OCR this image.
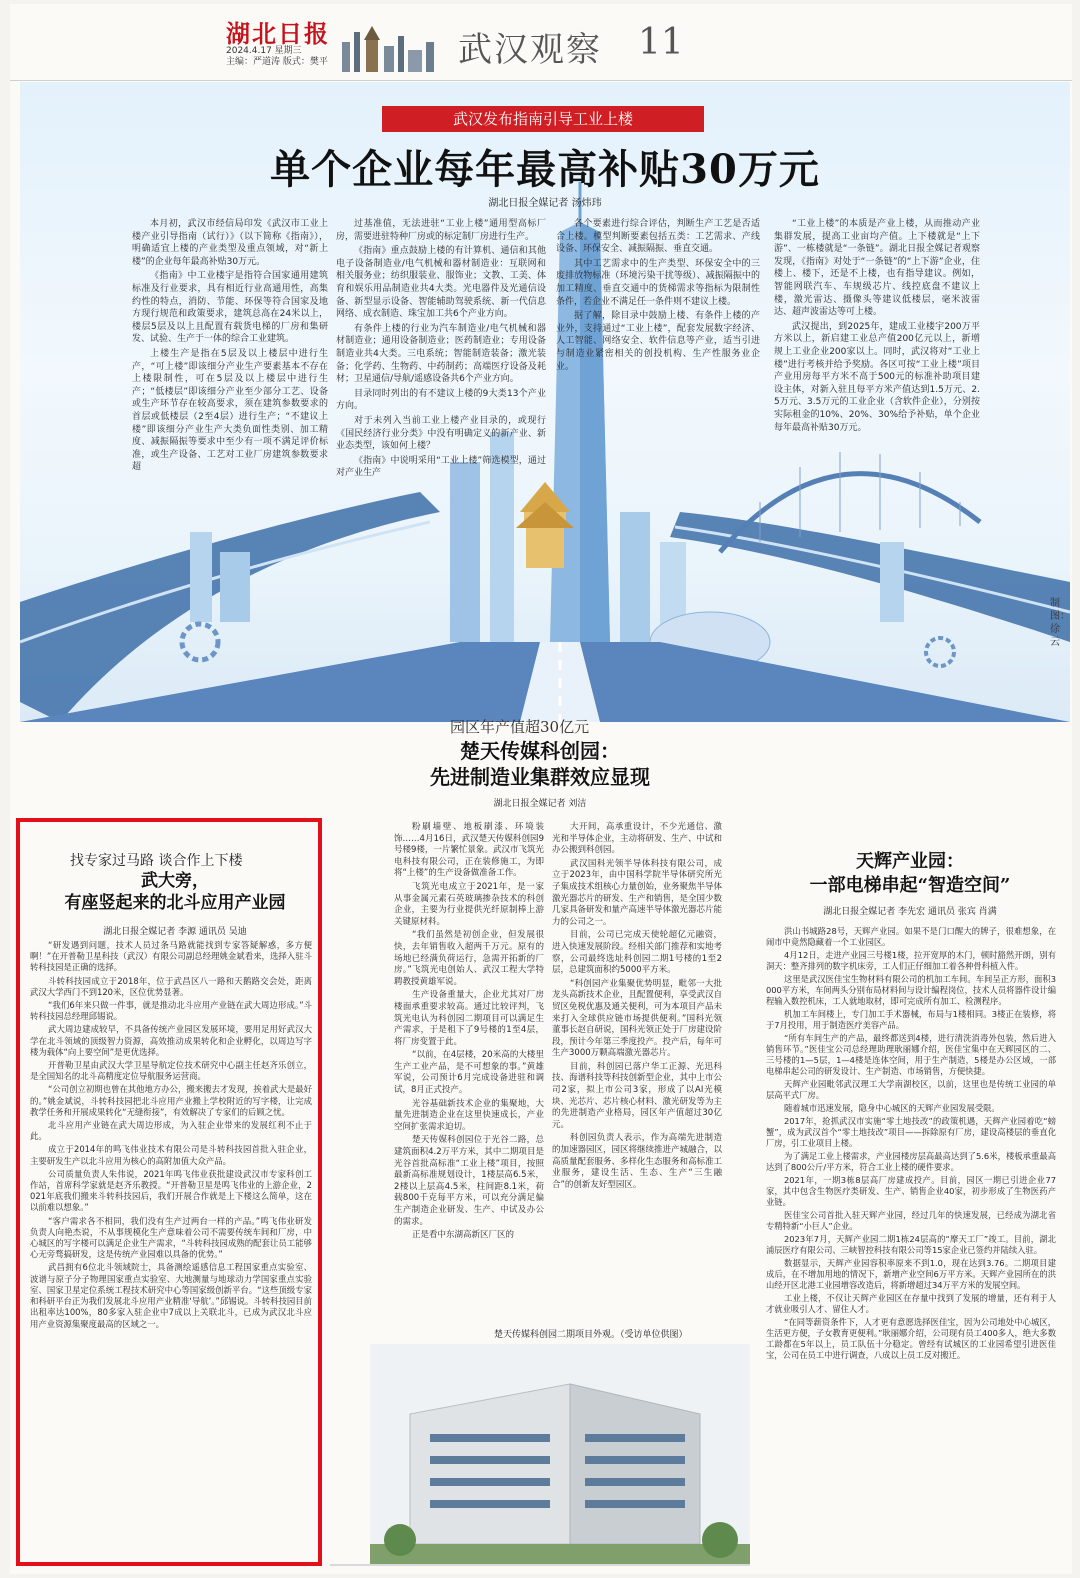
湖北日报
2024.4.17 星期三
主编：严道涛 版式：樊平	武汉观察 11
武汉发布指南引导工业上楼
单个企业每年最高补贴30万元
湖北日报全媒记者 汤炜玮

本月初，武汉市经信局印发《武汉市工业上楼产业引导指南（试行）》（以下简称《指南》），明确适宜上楼的产业类型及重点领域，对“新上楼”的企业每年最高补贴30万元。

《指南》中工业楼宇是指符合国家通用建筑标准及行业要求，具有相近行业高通用性，高集约性的特点，消防、节能、环保等符合国家及地方现行规范和政策要求，建筑总高在24米以上，楼层5层及以上且配置有载货电梯的厂房和集研发、试验、生产于一体的综合工业建筑。

上楼生产是指在5层及以上楼层中进行生产，“可上楼”即该细分产业生产要素基本不存在上楼限制性，可在5层及以上楼层中进行生产；“低楼层”即该细分产业至少部分工艺、设备或生产环节存在较高要求，须在建筑参数要求的首层或低楼层（2至4层）进行生产；“不建议上楼”即该细分产业生产大类负面性类别、加工精度、减振隔振等要求中至少有一项不满足评价标准，或生产设备、工艺对工业厂房建筑参数要求超

过基准值，无法进驻“工业上楼”通用型高标厂房，需要进驻特种厂房或的标定制厂房进行生产。

《指南》重点鼓励上楼的有计算机、通信和其他电子设备制造业/电气机械和器材制造业：互联网和相关服务业；纺织服装业、服饰业；文教、工美、体育和娱乐用品制造业共4大类。光电器件及光通信设备、新型显示设备、智能辅助驾驶系统、新一代信息网络、成衣制造、珠宝加工共6个产业方向。

有条件上楼的行业为汽车制造业/电气机械和器材制造业；通用设备制造业；医药制造业；专用设备制造业共4大类。三电系统；智能制造装备；激光装备；化学药、生物药、中药制药；高端医疗设备及耗材；卫星通信/导航/遥感设备共6个产业方向。

目录同时列出的有不建议上楼的9大类13个产业方向。

对于未列入当前工业上楼产业目录的，或现行《国民经济行业分类》中没有明确定义的新产业、新业态类型，该如何上楼？

《指南》中说明采用“工业上楼”筛选模型，通过对产业生产

各个要素进行综合评估，判断生产工艺是否适合上楼。模型判断要素包括五类：工艺需求、产线设备、环保安全、减振隔振、垂直交通。

其中工艺需求中的生产类型、环保安全中的三废排放物标准（环境污染干扰等级）、减振隔振中的加工精度、垂直交通中的货梯需求等指标为限制性条件，若企业不满足任一条件则不建议上楼。

据了解，除目录中鼓励上楼、有条件上楼的产业外，支持通过“工业上楼”，配套发展数字经济、人工智能、网络安全、软件信息等产业，适当引进与制造业紧密相关的创投机构、生产性服务业企业。

“工业上楼”的本质是产业上楼，从而推动产业集群发展，提高工业亩均产值。上下楼就是“上下游”、一栋楼就是“一条链”。湖北日报全媒记者观察发现，《指南》对处于“一条链”的“上下游”企业，住楼上、楼下，还是不上楼，也有指导建议。例如，智能网联汽车、车规级芯片、线控底盘不建议上楼，激光雷达、摄像头等建议低楼层，毫米波雷达、超声波雷达等可上楼。

武汉提出，到2025年，建成工业楼宇200万平方米以上，新启建工业总产值200亿元以上，新增规上工业企业200家以上。同时，武汉将对“工业上楼”进行考核并给予奖励。各区可按“工业上楼”项目产业用房每平方米不高于500元的标准补助项目建设主体，对新入驻且每平方米产值达到1.5万元、2.5万元、3.5万元的工业企业（含软件企业），分别按实际租金的10%、20%、30%给予补贴，单个企业每年最高补贴30万元。

制图：徐云
园区年产值超30亿元
楚天传媒科创园：
先进制造业集群效应显现
湖北日报全媒记者 刘洁

粉刷墙壁、地板刷漆、环境装饰……4月16日，武汉楚天传媒科创园9号楼9楼，一片繁忙景象。武汉市飞筑光电科技有限公司，正在装修施工，为即将“上楼”的生产设备做准备工作。

飞筑光电成立于2021年，是一家从事金属元素石英玻璃掺杂技术的科创企业，主要为行业提供光纤原制棒上游关键原材料。

“我们虽然是初创企业，但发展很快，去年销售收入超两千万元。原有的场地已经满负荷运行，急需开拓新的厂房。”飞筑光电创始人、武汉工程大学特聘教授黄雄军说。

生产设备重量大，企业尤其对厂房楼面承重要求较高。通过比较评判，飞筑光电认为科创园二期项目可以满足生产需求，于是租下了9号楼的1至4层，将厂房变置于此。

“以前，在4层楼，20米高的大楼里生产工业产品，是不可想象的事。”黄雄军说，公司预计6月完成设备进驻和调试，8月正式投产。

光谷基础新技术企业的集聚地，大量先进制造企业在这里快速成长，产业空间扩张需求迫切。

楚天传媒科创园位于光谷二路，总建筑面积4.2万平方米，其中二期项目是光谷首批高标准“工业上楼”项目，按照最新高标准规划设计，1楼层高6.5米，2楼以上层高4.5米，柱间距8.1米，荷载800千克每平方米，可以充分满足偏生产制造企业研发、生产、中试及办公的需求。

正是看中东湖高新区厂区的

大开间，高承重设计，不少光通信、激光和半导体企业，主动将研发、生产、中试和办公搬到科创园。

武汉国科光领半导体科技有限公司，成立于2023年，由中国科学院半导体研究所光子集成技术组核心力量创始，业务聚焦半导体激光器芯片的研发、生产和销售，是全国少数几家具备研发和量产高速半导体激光器芯片能力的公司之一。

目前，公司已完成天使轮超亿元融资，进入快速发展阶段。经相关部门推荐和实地考察，公司最终选址科创园二期1号楼的1至2层，总建筑面积约5000平方米。

“科创园产业集聚优势明显，毗邻一大批龙头高新技术企业，且配置便利，享受武汉自贸区免税优惠及通关便利，可为本项目产品未来打入全球供应链市场提供便利。”国科光领董事长赵自研说，国科光领正处于厂房建设阶段，预计今年第三季度投产。投产后，每年可生产3000万颗高端激光器芯片。

目前，科创园已落户华工正源、光迅科技、海谱科技等科技创新型企业，其中上市公司2家，拟上市公司3家，形成了以AI光模块、光芯片、芯片核心材料、激光研发等为主的先进制造产业格局，园区年产值超过30亿元。

科创园负责人表示，作为高端先进制造的加速器园区，园区将继续推进产城融合，以高质量配套服务、多样化生态服务和高标准工业服务，建设生活、生态、生产“三生融合”的创新友好型园区。

楚天传媒科创园二期项目外观。（受访单位供图）
找专家过马路 谈合作上下楼
武大旁，
有座竖起来的北斗应用产业园
湖北日报全媒记者 李源 通讯员 吴迪

“研发遇到问题，技术人员过条马路就能找到专家答疑解惑，多方便啊！”在开普勒卫星科技（武汉）有限公司副总经理姚金斌看来，选择入驻斗转科技园是正确的选择。

斗转科技园成立于2018年，位于武昌区八一路和天鹅路交会处，距离武汉大学西门不到120米，区位优势显著。

“我们6年来只做一件事，就是推动北斗应用产业链在武大周边形成。”斗转科技园总经理邱锡说。

武大周边建成较早，不具备传统产业园区发展环境，要用足用好武汉大学在北斗领域的顶级智力资源，高效推动成果转化和企业孵化，以周边写字楼为载体“向上要空间”是更优选择。

开普勒卫星由武汉大学卫星导航定位技术研究中心副主任赵齐乐创立，是全国知名的北斗高精度定位导航服务运营商。

“公司创立初期也曾在其他地方办公，搬来搬去才发现，挨着武大是最好的。”姚金斌说，斗转科技园把北斗应用产业搬上学校附近的写字楼，让完成教学任务和开展成果转化“无缝衔接”，有效解决了专家们的后顾之忧。

北斗应用产业链在武大周边形成，为入驻企业带来的发展红利不止于此。

成立于2014年的鸣飞伟业技术有限公司是斗转科技园首批入驻企业，主要研发生产以北斗应用为核心的高附加值大众产品。

公司质量负责人朱伟说，2021年鸣飞伟业获批建设武汉市专家科创工作站，首席科学家就是赵齐乐教授。“开普勒卫星是鸣飞伟业的上游企业，2021年底我们搬来斗转科技园后，我们开展合作就是上下楼这么简单，这在以前难以想象。”

“客户需求各不相同，我们没有生产过两台一样的产品。”鸣飞伟业研发负责人向艳杰说，不从事规模化生产意味着公司不需要传统车间和厂房，中心城区的写字楼可以满足企业生产需求，“斗转科技园成熟的配套让员工能够心无旁骛搞研发，这是传统产业园难以具备的优势。”

武昌拥有6位北斗领域院士，具备测绘遥感信息工程国家重点实验室、波谱与原子分子物理国家重点实验室、大地测量与地球动力学国家重点实验室、国家卫星定位系统工程技术研究中心等国家级创新平台。“这些顶级专家和科研平台正为我们发展北斗应用产业精准‘导航’。”邱锡说。斗转科技园目前出租率达100%，80多家入驻企业中7成以上关联北斗，已成为武汉北斗应用产业资源集聚度最高的区域之一。

天辉产业园：
一部电梯串起“智造空间”
湖北日报全媒记者 李先宏 通讯员 张宾 肖满

洪山书城路28号，天辉产业园。如果不是门口醒大的牌子，很难想象，在闹市中竟然隐藏着一个工业园区。

4月12日，走进产业园三号楼1楼，拉开宽厚的木门，顿时豁然开朗，别有洞天：整齐排列的数字机床旁，工人们正仔细加工着各种骨科植入件。

这里是武汉医佳宝生物材料有限公司的机加工车间。车间呈正方形，面积3000平方米，车间两头分别布局材料间与设计编程岗位，技术人员将器件设计编程输入数控机床，工人就地取材，即可完成所有加工、检测程序。

机加工车间楼上，专门加工手术器械，布局与1楼相同。3楼正在装修，将于7月投用，用于制造医疗美容产品。

“所有车间生产的产品，最终都送到4楼，进行清洗消毒外包装，然后进入销售环节。”医佳宝公司总经理助理耿丽娜介绍，医佳宝集中在天辉园区的二、三号楼的1—5层，1—4楼是连体空间，用于生产制造，5楼是办公区域，一部电梯串起公司的研发设计、生产制造、市场销售，方便快捷。

天辉产业园毗邻武汉理工大学南湖校区，以前，这里也是传统工业园的单层高平式厂房。

随着城市迅速发展，隐身中心城区的天辉产业园发展受限。

2017年，抢抓武汉市实施“零土地技改”的政策机遇，天辉产业园着吃“螃蟹”，成为武汉首个“零土地技改”项目——拆除原有厂房，建设高楼层的垂直化厂房，引工业项目上楼。

为了满足工业上楼需求，产业园楼房层高最高达到了5.6米，楼板承重最高达到了800公斤/平方米，符合工业上楼的硬件要求。

2021年，一期3栋8层高厂房建成投产。目前，园区一期已引进企业77家，其中包含生物医疗类研发、生产、销售企业40家，初步形成了生物医药产业链。

医佳宝公司首批入驻天辉产业园，经过几年的快速发展，已经成为湖北省专精特新“小巨人”企业。

2023年7月，天辉产业园二期1栋24层高的“摩天工厂”竣工。目前，湖北浦辰医疗有限公司、三峡智控科技有限公司等15家企业已签约并陆续入驻。

数据显示，天辉产业园容积率原来不到1.0，现在达到3.76。二期项目建成后，在不增加用地的情况下，新增产业空间6万平方米。天辉产业园所在的洪山经开区北港工业园增容改造后，将新增超过34万平方米的发展空间。

工业上楼，不仅让天辉产业园区在存量中找到了发展的增量，还有利于人才就业吸引人才、留住人才。

“在同等薪资条件下，人才更有意愿选择医佳宝，因为公司地处中心城区，生活更方便，子女教育更便利。”耿丽娜介绍，公司现有员工400多人，绝大多数工龄都在5年以上，员工队伍十分稳定。曾经有试城区的工业园希望引进医佳宝，公司在员工中进行调查，八成以上员工反对搬迁。
